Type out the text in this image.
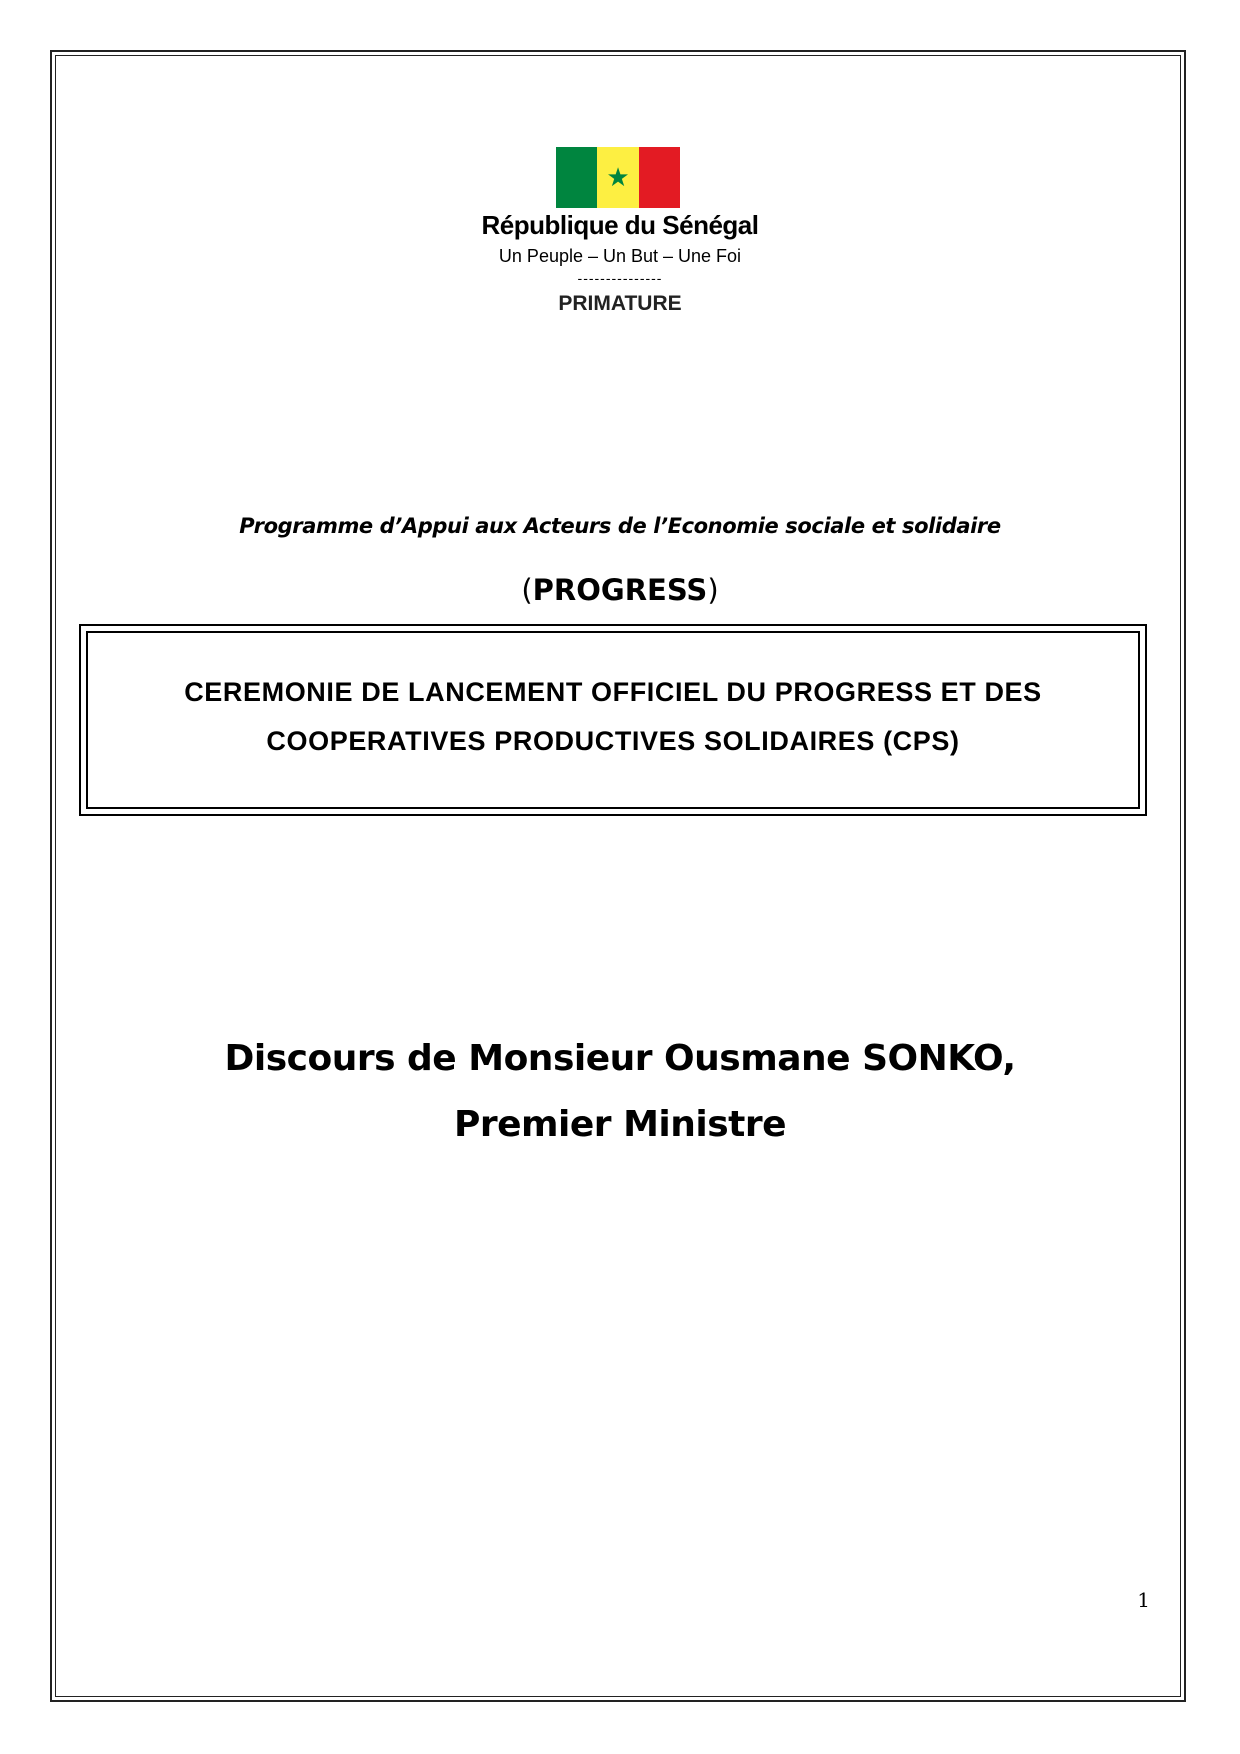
★
République du Sénégal
Un Peuple – Un But – Une Foi
---------------
PRIMATURE
Programme d’Appui aux Acteurs de l’Economie sociale et solidaire
(PROGRESS)
CEREMONIE DE LANCEMENT OFFICIEL DU PROGRESS ET DES
COOPERATIVES PRODUCTIVES SOLIDAIRES (CPS)
Discours de Monsieur Ousmane SONKO,
Premier Ministre
1
